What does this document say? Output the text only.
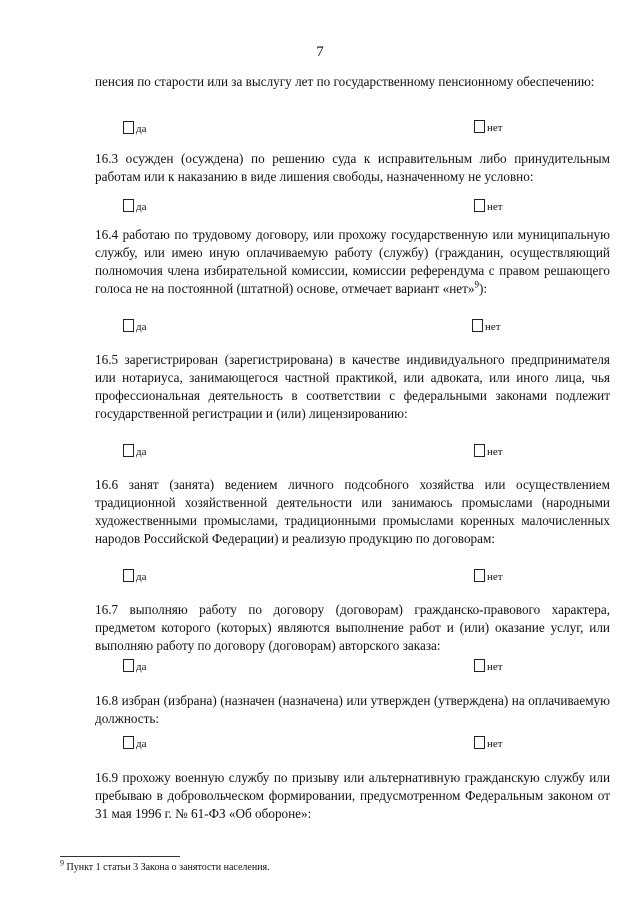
7
пенсия по старости или за выслугу лет по государственному пенсионному обеспечению:
да	нет
16.3 осужден (осуждена) по решению суда к исправительным либо принудительным работам или к наказанию в виде лишения свободы, назначенному не условно:
да	нет
16.4 работаю по трудовому договору, или прохожу государственную или муниципальную службу, или имею иную оплачиваемую работу (службу) (гражданин, осуществляющий полномочия члена избирательной комиссии, комиссии референдума с правом решающего голоса не на постоянной (штатной) основе, отмечает вариант «нет»$^9$):
да	нет
16.5 зарегистрирован (зарегистрирована) в качестве индивидуального предпринимателя или нотариуса, занимающегося частной практикой, или адвоката, или иного лица, чья профессиональная деятельность в соответствии с федеральными законами подлежит государственной регистрации и (или) лицензированию:
да	нет
16.6 занят (занята) ведением личного подсобного хозяйства или осуществлением традиционной хозяйственной деятельности или занимаюсь промыслами (народными художественными промыслами, традиционными промыслами коренных малочисленных народов Российской Федерации) и реализую продукцию по договорам:
да	нет
16.7 выполняю работу по договору (договорам) гражданско-правового характера, предметом которого (которых) являются выполнение работ и (или) оказание услуг, или выполняю работу по договору (договорам) авторского заказа:
да	нет
16.8 избран (избрана) (назначен (назначена) или утвержден (утверждена) на оплачиваемую должность:
да	нет
16.9 прохожу военную службу по призыву или альтернативную гражданскую службу или пребываю в добровольческом формировании, предусмотренном Федеральным законом от 31 мая 1996 г. № 61-ФЗ «Об обороне»:
$^9$ Пункт 1 статьи 3 Закона о занятости населения.
